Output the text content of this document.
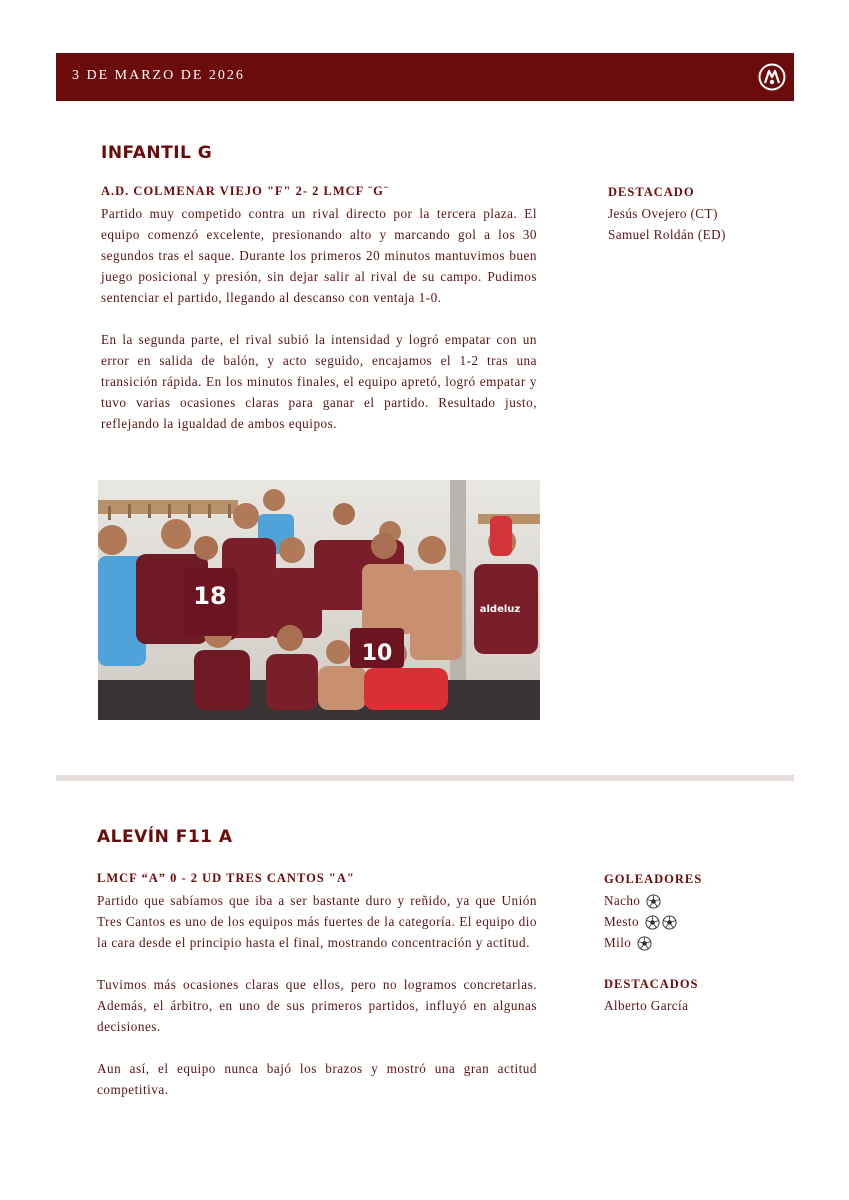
3 DE MARZO DE 2026
INFANTIL G
A.D. COLMENAR VIEJO "F" 2- 2 LMCF ¨G¨

Partido muy competido contra un rival directo por la tercera plaza. El equipo comenzó excelente, presionando alto y marcando gol a los 30 segundos tras el saque. Durante los primeros 20 minutos mantuvimos buen juego posicional y presión, sin dejar salir al rival de su campo. Pudimos sentenciar el partido, llegando al descanso con ventaja 1-0.

En la segunda parte, el rival subió la intensidad y logró empatar con un error en salida de balón, y acto seguido, encajamos el 1-2 tras una transición rápida. En los minutos finales, el equipo apretó, logró empatar y tuvo varias ocasiones claras para ganar el partido. Resultado justo, reflejando la igualdad de ambos equipos.

DESTACADO
Jesús Ovejero (CT)
Samuel Roldán (ED)
18
10
aldeluz
ALEVÍN F11 A
LMCF “A” 0 - 2 UD TRES CANTOS "A"

Partido que sabíamos que iba a ser bastante duro y reñido, ya que Unión Tres Cantos es uno de los equipos más fuertes de la categoría. El equipo dio la cara desde el principio hasta el final, mostrando concentración y actitud.

Tuvimos más ocasiones claras que ellos, pero no logramos concretarlas. Además, el árbitro, en uno de sus primeros partidos, influyó en algunas decisiones.

Aun así, el equipo nunca bajó los brazos y mostró una gran actitud competitiva.

GOLEADORES
Nacho
Mesto
Milo
DESTACADOS
Alberto García
